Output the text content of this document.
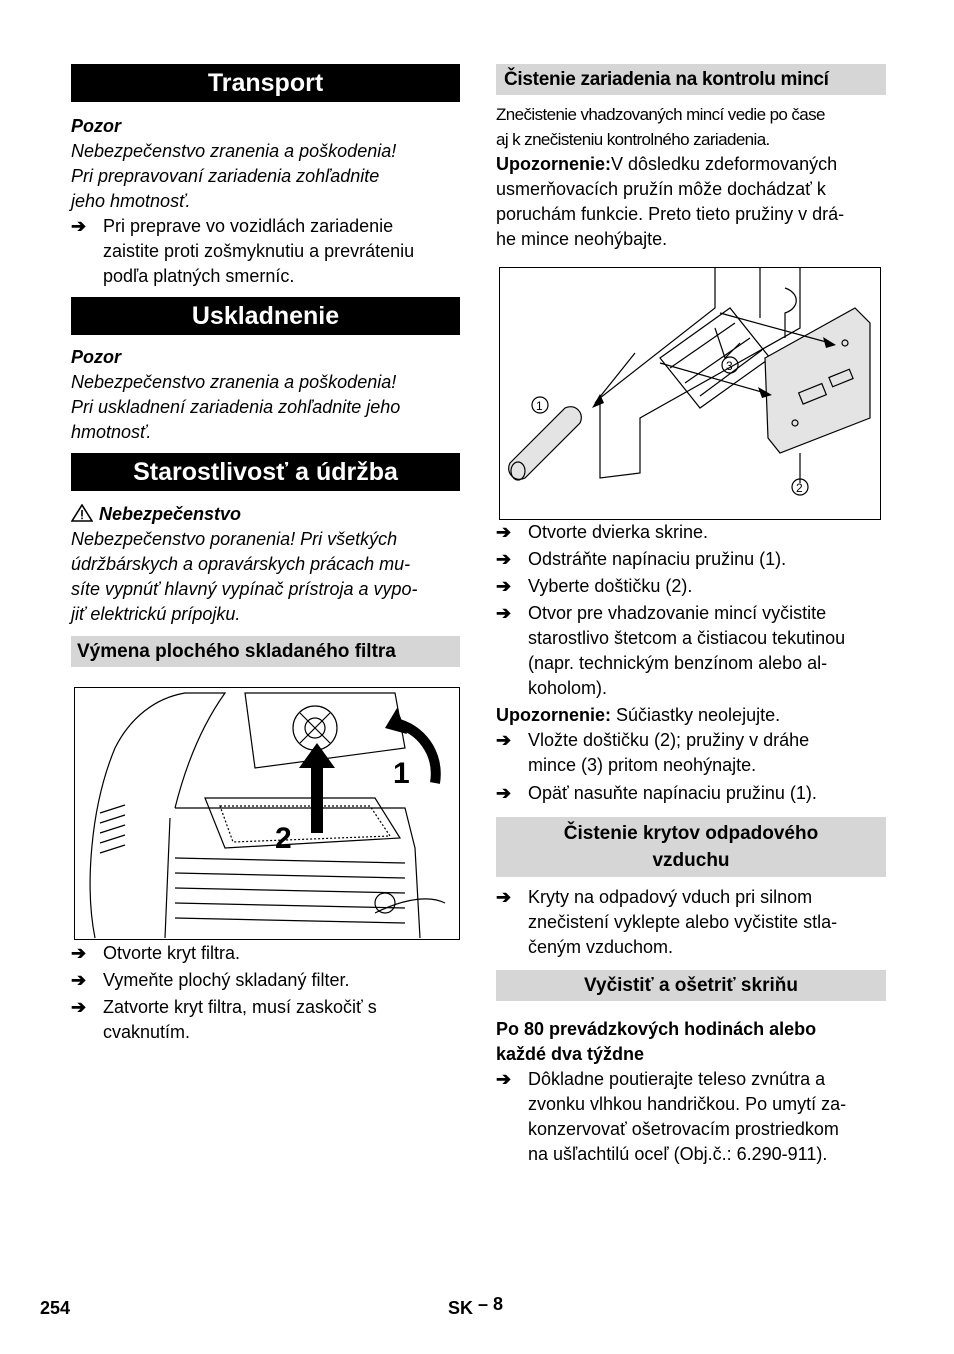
Transport

Pozor

Nebezpečenstvo zranenia a poškodenia!

Pri prepravovaní zariadenia zohľadnite

jeho hmotnosť.

➔ Pri preprave vo vozidlách zariadenie

zaistite proti zošmyknutiu a prevráteniu

podľa platných smerníc.

Uskladnenie

Pozor

Nebezpečenstvo zranenia a poškodenia!

Pri uskladnení zariadenia zohľadnite jeho

hmotnosť.

Starostlivosť a údržba

Nebezpečenstvo

Nebezpečenstvo poranenia! Pri všetkých

údržbárskych a opravárskych prácach mu-

síte vypnúť hlavný vypínač prístroja a vypo-

jiť elektrickú prípojku.

Výmena plochého skladaného filtra
1
2
➔ Otvorte kryt filtra.

➔ Vymeňte plochý skladaný filter.

➔ Zatvorte kryt filtra, musí zaskočiť s

cvaknutím.

Čistenie zariadenia na kontrolu mincí

Znečistenie vhadzovaných mincí vedie po čase

aj k znečisteniu kontrolného zariadenia.

Upozornenie:V dôsledku zdeformovaných

usmerňovacích pružín môže dochádzať k

poruchám funkcie. Preto tieto pružiny v drá-

he mince neohýbajte.

1
2
3
➔ Otvorte dvierka skrine.

➔ Odstráňte napínaciu pružinu (1).

➔ Vyberte doštičku (2).

➔ Otvor pre vhadzovanie mincí vyčistite

starostlivo štetcom a čistiacou tekutinou

(napr. technickým benzínom alebo al-

koholom).

Upozornenie: Súčiastky neolejujte.

➔ Vložte doštičku (2); pružiny v dráhe

mince (3) pritom neohýnajte.

➔ Opäť nasuňte napínaciu pružinu (1).

Čistenie krytov odpadového
vzduchu
➔ Kryty na odpadový vduch pri silnom

znečistení vyklepte alebo vyčistite stla-

čeným vzduchom.

Vyčistiť a ošetriť skriňu

Po 80 prevádzkových hodinách alebo

každé dva týždne

➔ Dôkladne poutierajte teleso zvnútra a

zvonku vlhkou handričkou. Po umytí za-

konzervovať ošetrovacím prostriedkom

na ušľachtilú oceľ (Obj.č.: 6.290-911).

254	SK – 8
